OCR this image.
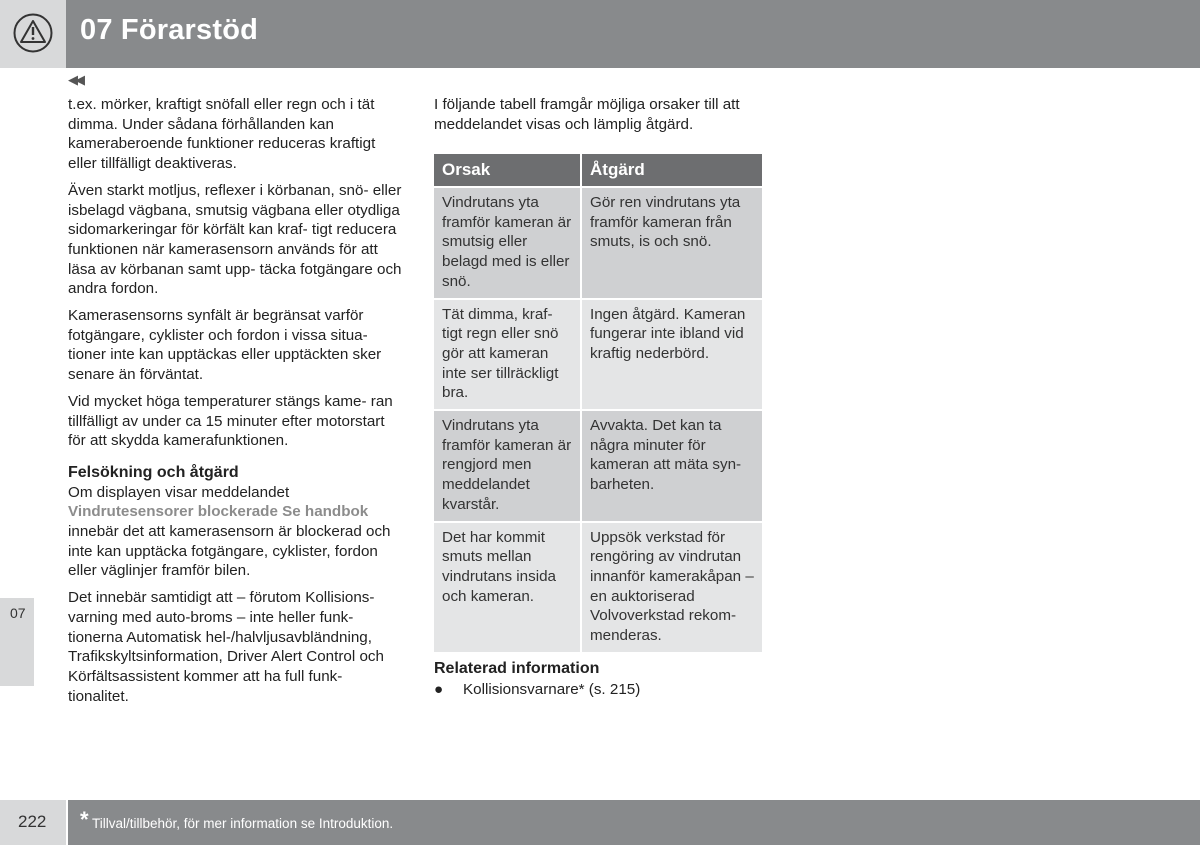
07 Förarstöd
◀◀

t.ex. mörker, kraftigt snöfall eller regn och i tät dimma. Under sådana förhållanden kan kameraberoende funktioner reduceras kraftigt eller tillfälligt deaktiveras.

Även starkt motljus, reflexer i körbanan, snö- eller isbelagd vägbana, smutsig vägbana eller otydliga sidomarkeringar för körfält kan kraf- tigt reducera funktionen när kamerasensorn används för att läsa av körbanan samt upp- täcka fotgängare och andra fordon.

Kamerasensorns synfält är begränsat varför fotgängare, cyklister och fordon i vissa situa- tioner inte kan upptäckas eller upptäckten sker senare än förväntat.

Vid mycket höga temperaturer stängs kame- ran tillfälligt av under ca 15 minuter efter motorstart för att skydda kamerafunktionen.

Felsökning och åtgärd

Om displayen visar meddelandet
Vindrutesensorer blockerade Se handbok
innebär det att kamerasensorn är blockerad och inte kan upptäcka fotgängare, cyklister, fordon eller väglinjer framför bilen.

Det innebär samtidigt att – förutom Kollisions- varning med auto-broms – inte heller funk- tionerna Automatisk hel-/halvljusavbländning, Trafikskyltsinformation, Driver Alert Control och Körfältsassistent kommer att ha full funk- tionalitet.

I följande tabell framgår möjliga orsaker till att meddelandet visas och lämplig åtgärd.

Orsak	Åtgärd
Vindrutans yta framför kameran är smutsig eller belagd med is eller snö.	Gör ren vindrutans yta framför kameran från smuts, is och snö.
Tät dimma, kraf- tigt regn eller snö gör att kameran inte ser tillräckligt bra.	Ingen åtgärd. Kameran fungerar inte ibland vid kraftig nederbörd.
Vindrutans yta framför kameran är rengjord men meddelandet kvarstår.	Avvakta. Det kan ta några minuter för kameran att mäta syn- barheten.
Det har kommit smuts mellan vindrutans insida och kameran.	Uppsök verkstad för rengöring av vindrutan innanför kamerakåpan – en auktoriserad Volvoverkstad rekom- menderas.
Relaterad information
● Kollisionsvarnare* (s. 215)
07
222 * Tillval/tillbehör, för mer information se Introduktion.
